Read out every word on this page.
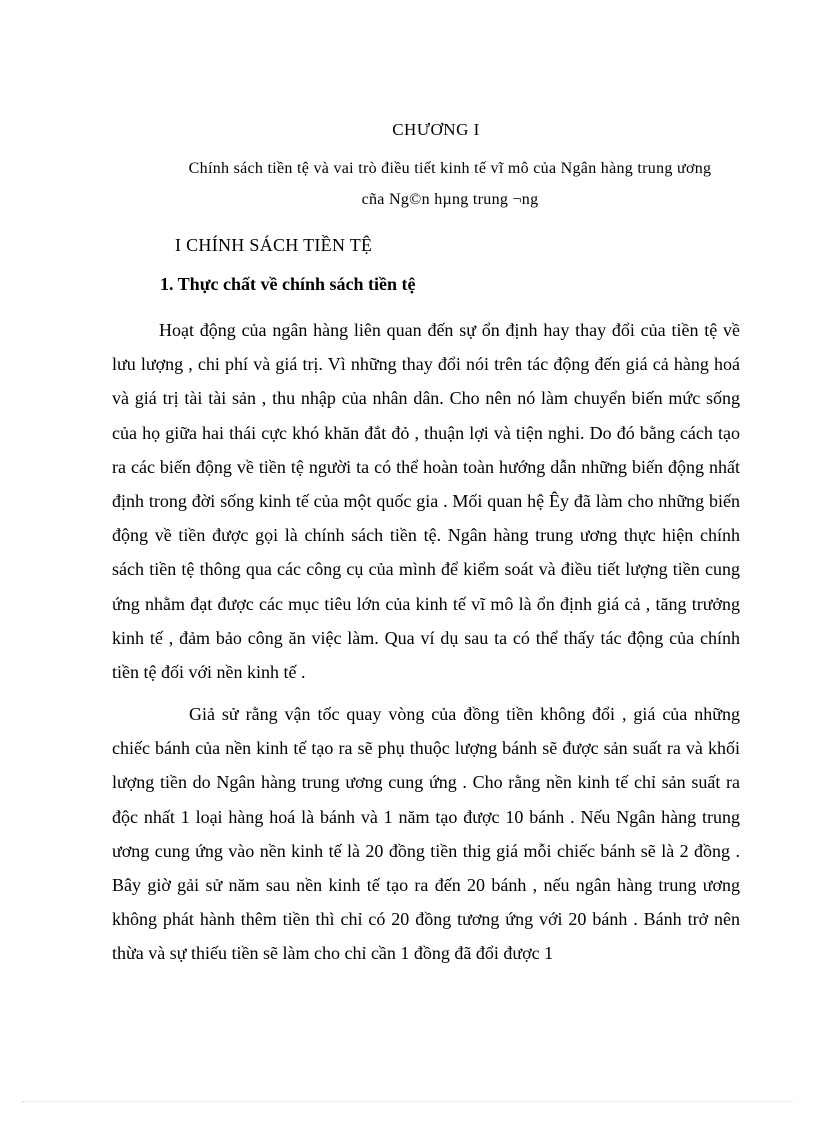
CHƯƠNG I
Chính sách tiền tệ và vai trò điều tiết kinh tế vĩ mô của Ngân hàng trung ương
cña Ng©n hµng trung ¬ng
I CHÍNH SÁCH TIỀN TỆ
1. Thực chất về chính sách tiền tệ
Hoạt động của ngân hàng liên quan đến sự ổn định hay thay đổi của tiền tệ về lưu lượng , chi phí và giá trị. Vì những thay đổi nói trên tác động đến giá cả hàng hoá và giá trị tài tài sản , thu nhập của nhân dân. Cho nên nó làm chuyển biến mức sống của họ giữa hai thái cực khó khăn đắt đỏ , thuận lợi và tiện nghi. Do đó bằng cách tạo ra các biến động về tiền tệ người ta có thể hoàn toàn hướng dẫn những biến động nhất định trong đời sống kinh tế của một quốc gia . Mối quan hệ Êy đã làm cho những biến động về tiền được gọi là chính sách tiền tệ. Ngân hàng trung ương thực hiện chính sách tiền tệ thông qua các công cụ của mình để kiểm soát và điều tiết lượng tiền cung ứng nhằm đạt được các mục tiêu lớn của kinh tế vĩ mô là ổn định giá cả , tăng trưởng kinh tế , đảm bảo công ăn việc làm. Qua ví dụ sau ta có thể thấy tác động của chính tiền tệ đối với nền kinh tế .
Giả sử rằng vận tốc quay vòng của đồng tiền không đổi , giá của những chiếc bánh của nền kinh tế tạo ra sẽ phụ thuộc lượng bánh sẽ được sản suất ra và khối lượng tiền do Ngân hàng trung ương cung ứng . Cho rằng nền kinh tế chỉ sản suất ra độc nhất 1 loại hàng hoá là bánh và 1 năm tạo được 10 bánh . Nếu Ngân hàng trung ương cung ứng vào nền kinh tế là 20 đồng tiền thig giá mỗi chiếc bánh sẽ là 2 đồng . Bây giờ gải sử năm sau nền kinh tế tạo ra đến 20 bánh , nếu ngân hàng trung ương không phát hành thêm tiền thì chỉ có 20 đồng tương ứng với 20 bánh . Bánh trở nên thừa và sự thiếu tiền sẽ làm cho chỉ cần 1 đồng đã đổi được 1
